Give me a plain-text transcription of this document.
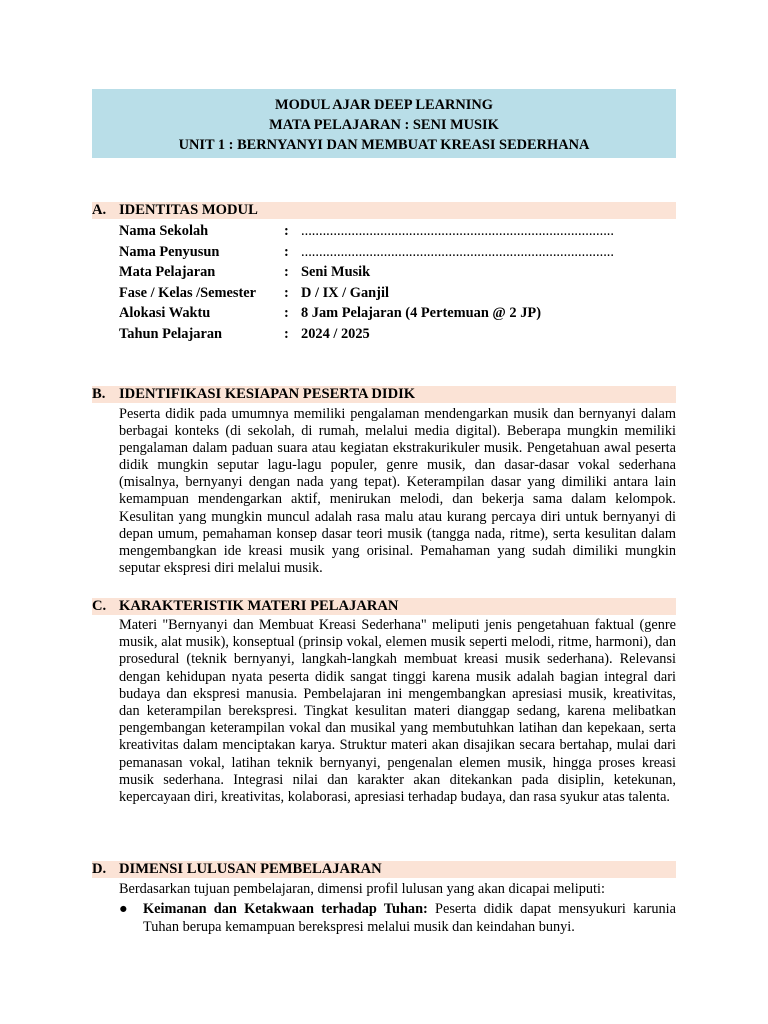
MODUL AJAR DEEP LEARNING
MATA PELAJARAN : SENI MUSIK
UNIT 1 : BERNYANYI DAN MEMBUAT KREASI SEDERHANA
A. IDENTITAS MODUL
Nama Sekolah	: .......................................................................................
Nama Penyusun	: .......................................................................................
Mata Pelajaran	: Seni Musik
Fase / Kelas /Semester	: D / IX / Ganjil
Alokasi Waktu	: 8 Jam Pelajaran (4 Pertemuan @ 2 JP)
Tahun Pelajaran	: 2024 / 2025
B. IDENTIFIKASI KESIAPAN PESERTA DIDIK
Peserta didik pada umumnya memiliki pengalaman mendengarkan musik dan bernyanyi dalam berbagai konteks (di sekolah, di rumah, melalui media digital). Beberapa mungkin memiliki pengalaman dalam paduan suara atau kegiatan ekstrakurikuler musik. Pengetahuan awal peserta didik mungkin seputar lagu-lagu populer, genre musik, dan dasar-dasar vokal sederhana (misalnya, bernyanyi dengan nada yang tepat). Keterampilan dasar yang dimiliki antara lain kemampuan mendengarkan aktif, menirukan melodi, dan bekerja sama dalam kelompok. Kesulitan yang mungkin muncul adalah rasa malu atau kurang percaya diri untuk bernyanyi di depan umum, pemahaman konsep dasar teori musik (tangga nada, ritme), serta kesulitan dalam mengembangkan ide kreasi musik yang orisinal. Pemahaman yang sudah dimiliki mungkin seputar ekspresi diri melalui musik.
C. KARAKTERISTIK MATERI PELAJARAN
Materi "Bernyanyi dan Membuat Kreasi Sederhana" meliputi jenis pengetahuan faktual (genre musik, alat musik), konseptual (prinsip vokal, elemen musik seperti melodi, ritme, harmoni), dan prosedural (teknik bernyanyi, langkah-langkah membuat kreasi musik sederhana). Relevansi dengan kehidupan nyata peserta didik sangat tinggi karena musik adalah bagian integral dari budaya dan ekspresi manusia. Pembelajaran ini mengembangkan apresiasi musik, kreativitas, dan keterampilan berekspresi. Tingkat kesulitan materi dianggap sedang, karena melibatkan pengembangan keterampilan vokal dan musikal yang membutuhkan latihan dan kepekaan, serta kreativitas dalam menciptakan karya. Struktur materi akan disajikan secara bertahap, mulai dari pemanasan vokal, latihan teknik bernyanyi, pengenalan elemen musik, hingga proses kreasi musik sederhana. Integrasi nilai dan karakter akan ditekankan pada disiplin, ketekunan, kepercayaan diri, kreativitas, kolaborasi, apresiasi terhadap budaya, dan rasa syukur atas talenta.
D. DIMENSI LULUSAN PEMBELAJARAN
Berdasarkan tujuan pembelajaran, dimensi profil lulusan yang akan dicapai meliputi:
● Keimanan dan Ketakwaan terhadap Tuhan: Peserta didik dapat mensyukuri karunia Tuhan berupa kemampuan berekspresi melalui musik dan keindahan bunyi.
